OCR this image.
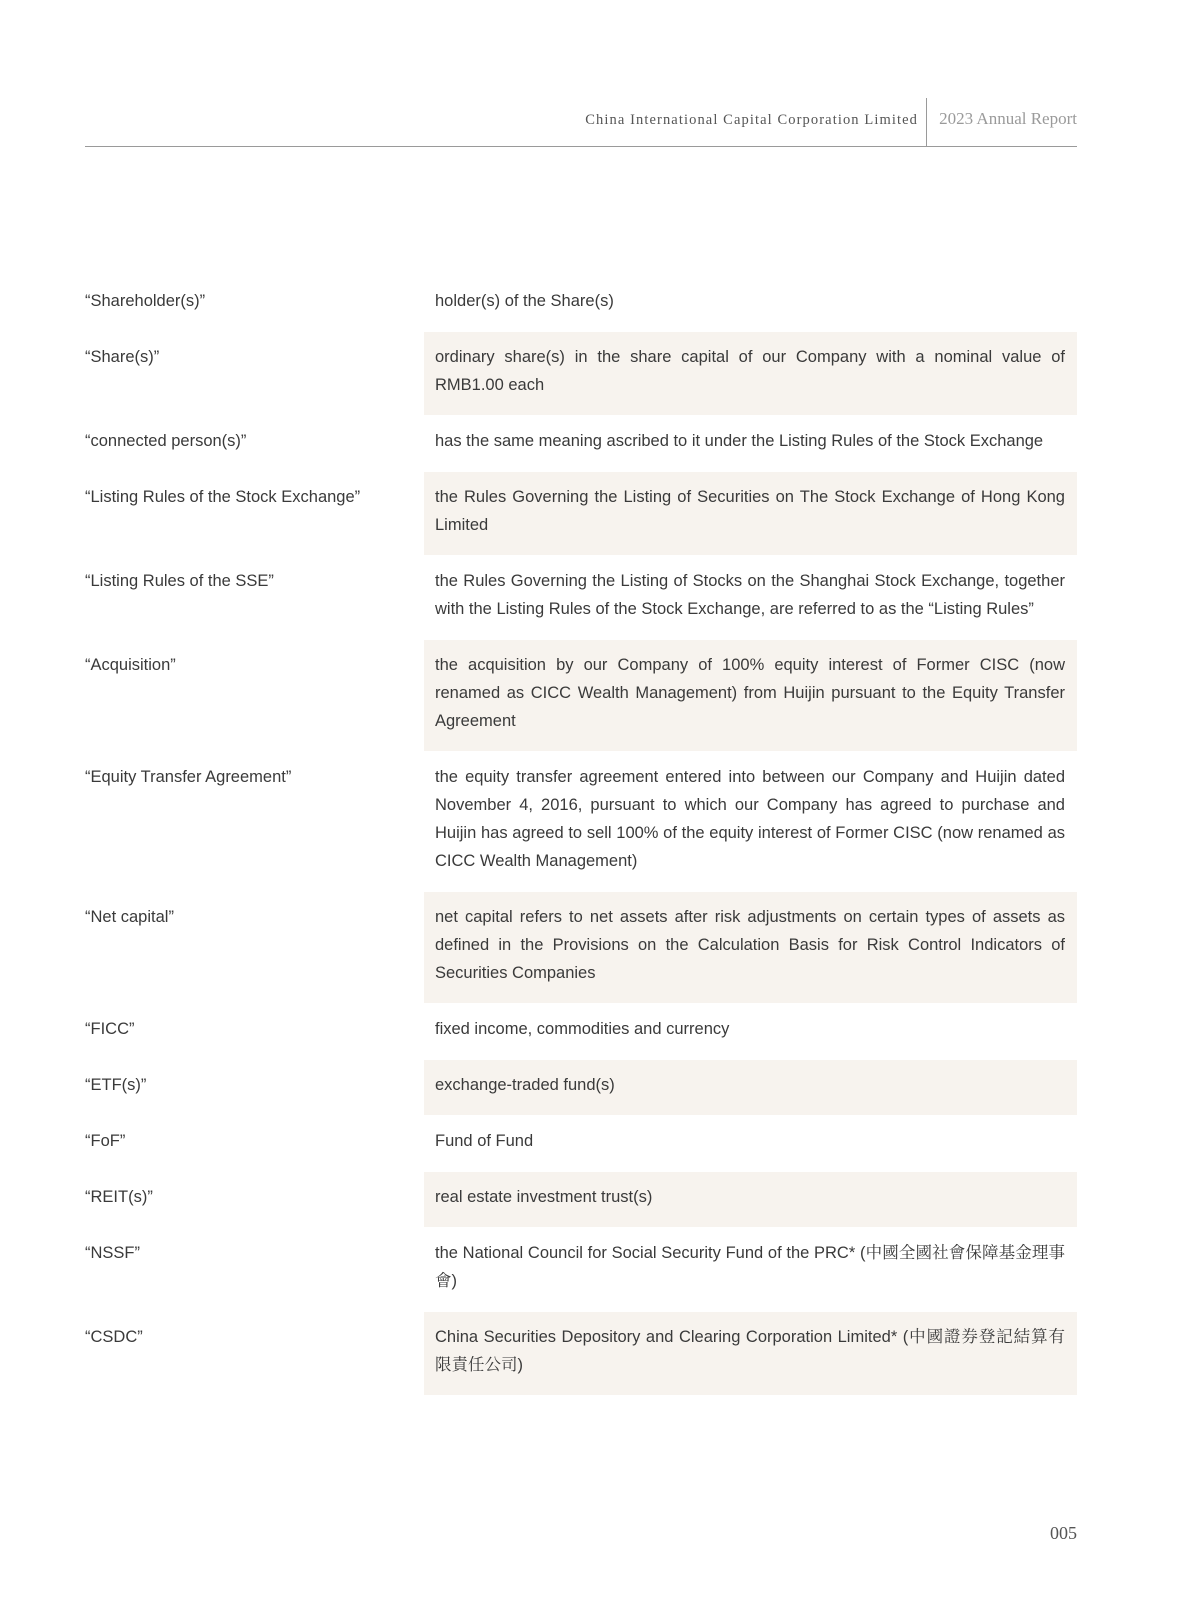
China International Capital Corporation Limited 2023 Annual Report
“Shareholder(s)”	holder(s) of the Share(s)
“Share(s)”	ordinary share(s) in the share capital of our Company with a nominal value of RMB1.00 each
“connected person(s)”	has the same meaning ascribed to it under the Listing Rules of the Stock Exchange
“Listing Rules of the Stock Exchange”	the Rules Governing the Listing of Securities on The Stock Exchange of Hong Kong Limited
“Listing Rules of the SSE”	the Rules Governing the Listing of Stocks on the Shanghai Stock Exchange, together with the Listing Rules of the Stock Exchange, are referred to as the “Listing Rules”
“Acquisition”	the acquisition by our Company of 100% equity interest of Former CISC (now renamed as CICC Wealth Management) from Huijin pursuant to the Equity Transfer Agreement
“Equity Transfer Agreement”	the equity transfer agreement entered into between our Company and Huijin dated November 4, 2016, pursuant to which our Company has agreed to purchase and Huijin has agreed to sell 100% of the equity interest of Former CISC (now renamed as CICC Wealth Management)
“Net capital”	net capital refers to net assets after risk adjustments on certain types of assets as defined in the Provisions on the Calculation Basis for Risk Control Indicators of Securities Companies
“FICC”	fixed income, commodities and currency
“ETF(s)”	exchange-traded fund(s)
“FoF”	Fund of Fund
“REIT(s)”	real estate investment trust(s)
“NSSF”	the National Council for Social Security Fund of the PRC* (中國全國社會保障基金理事會)
“CSDC”	China Securities Depository and Clearing Corporation Limited* (中國證券登記結算有限責任公司)
005
